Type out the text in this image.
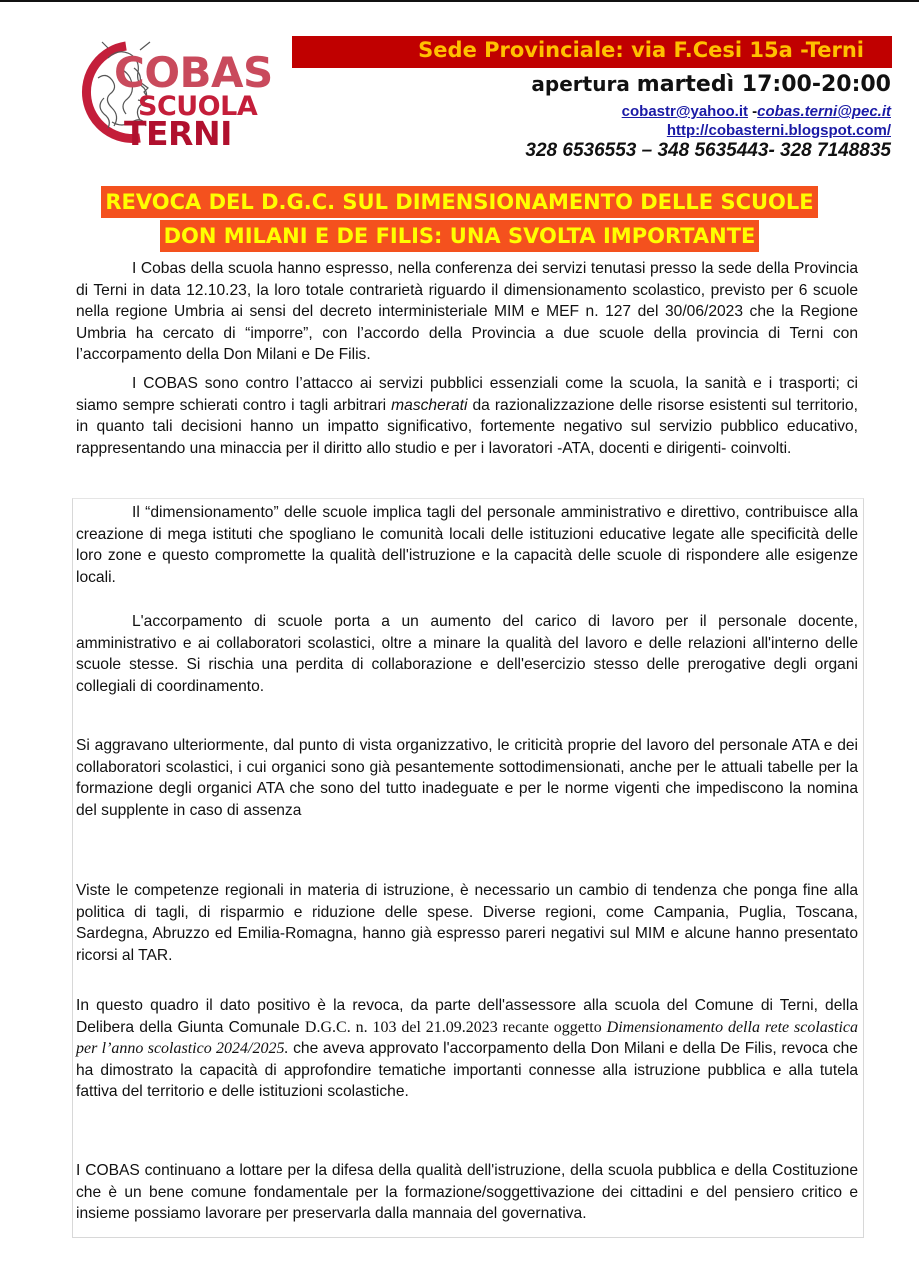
COBAS
SCUOLA
TERNI
Sede Provinciale: via F.Cesi 15a -Terni
apertura martedì 17:00-20:00
cobastr@yahoo.it -cobas.terni@pec.it
http://cobasterni.blogspot.com/
328 6536553 – 348 5635443- 328 7148835
REVOCA DEL D.G.C. SUL DIMENSIONAMENTO DELLE SCUOLE
DON MILANI E DE FILIS: UNA SVOLTA IMPORTANTE

I Cobas della scuola hanno espresso, nella conferenza dei servizi tenutasi presso la sede della Provincia di Terni in data 12.10.23, la loro totale contrarietà riguardo il dimensionamento scolastico, previsto per 6 scuole nella regione Umbria ai sensi del decreto interministeriale MIM e MEF n. 127 del 30/06/2023 che la Regione Umbria ha cercato di “imporre”, con l’accordo della Provincia a due scuole della provincia di Terni con l’accorpamento della Don Milani e De Filis.

I COBAS sono contro l’attacco ai servizi pubblici essenziali come la scuola, la sanità e i trasporti; ci siamo sempre schierati contro i tagli arbitrari mascherati da razionalizzazione delle risorse esistenti sul territorio, in quanto tali decisioni hanno un impatto significativo, fortemente negativo sul servizio pubblico educativo, rappresentando una minaccia per il diritto allo studio e per i lavoratori -ATA, docenti e dirigenti- coinvolti.

Il “dimensionamento” delle scuole implica tagli del personale amministrativo e direttivo, contribuisce alla creazione di mega istituti che spogliano le comunità locali delle istituzioni educative legate alle specificità delle loro zone e questo compromette la qualità dell'istruzione e la capacità delle scuole di rispondere alle esigenze locali.

L'accorpamento di scuole porta a un aumento del carico di lavoro per il personale docente, amministrativo e ai collaboratori scolastici, oltre a minare la qualità del lavoro e delle relazioni all'interno delle scuole stesse. Si rischia una perdita di collaborazione e dell'esercizio stesso delle prerogative degli organi collegiali di coordinamento.

Si aggravano ulteriormente, dal punto di vista organizzativo, le criticità proprie del lavoro del personale ATA e dei collaboratori scolastici, i cui organici sono già pesantemente sottodimensionati, anche per le attuali tabelle per la formazione degli organici ATA che sono del tutto inadeguate e per le norme vigenti che impediscono la nomina del supplente in caso di assenza

Viste le competenze regionali in materia di istruzione, è necessario un cambio di tendenza che ponga fine alla politica di tagli, di risparmio e riduzione delle spese. Diverse regioni, come Campania, Puglia, Toscana, Sardegna, Abruzzo ed Emilia-Romagna, hanno già espresso pareri negativi sul MIM e alcune hanno presentato ricorsi al TAR.

In questo quadro il dato positivo è la revoca, da parte dell'assessore alla scuola del Comune di Terni, della Delibera della Giunta Comunale D.G.C. n. 103 del 21.09.2023 recante oggetto Dimensionamento della rete scolastica per l’anno scolastico 2024/2025. che aveva approvato l'accorpamento della Don Milani e della De Filis, revoca che ha dimostrato la capacità di approfondire tematiche importanti connesse alla istruzione pubblica e alla tutela fattiva del territorio e delle istituzioni scolastiche.

I COBAS continuano a lottare per la difesa della qualità dell'istruzione, della scuola pubblica e della Costituzione che è un bene comune fondamentale per la formazione/soggettivazione dei cittadini e del pensiero critico e insieme possiamo lavorare per preservarla dalla mannaia del governativa.
